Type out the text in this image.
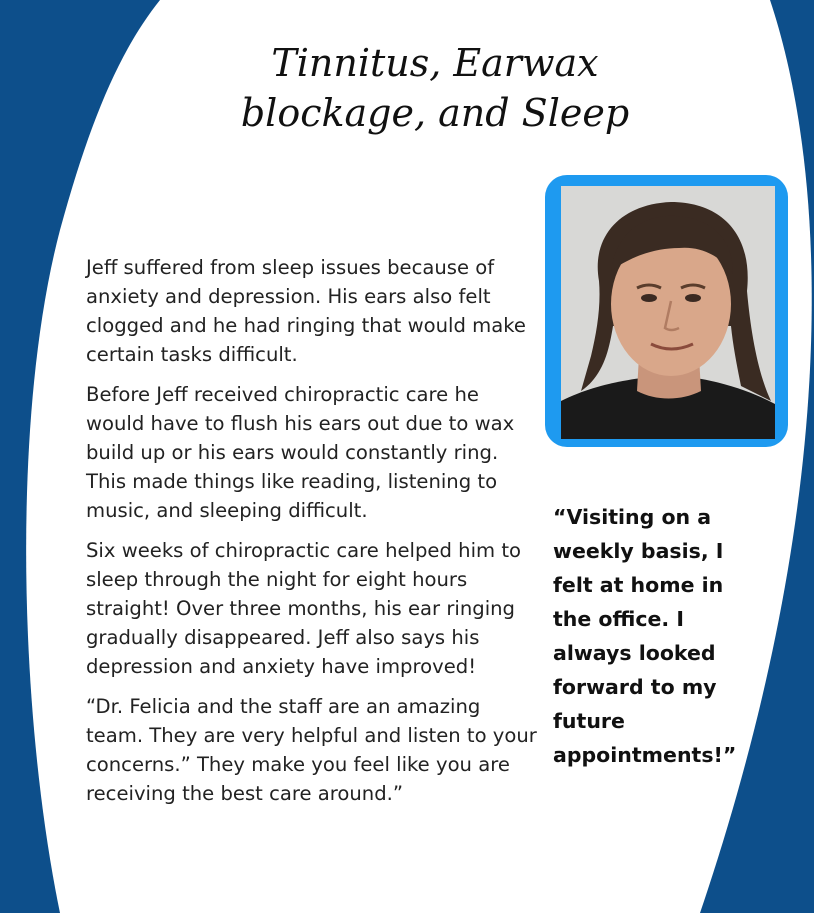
Tinnitus, Earwax blockage, and Sleep

Jeff suffered from sleep issues because of anxiety and depression. His ears also felt clogged and he had ringing that would make certain tasks difficult.

Before Jeff received chiropractic care he would have to flush his ears out due to wax build up or his ears would constantly ring. This made things like reading, listening to music, and sleeping difficult.

Six weeks of chiropractic care helped him to sleep through the night for eight hours straight! Over three months, his ear ringing gradually disappeared. Jeff also says his depression and anxiety have improved!

“Dr. Felicia and the staff are an amazing team. They are very helpful and listen to your concerns.” They make you feel like you are receiving the best care around.”

“Visiting on a weekly basis, I felt at home in the office. I always looked forward to my future appointments!”
